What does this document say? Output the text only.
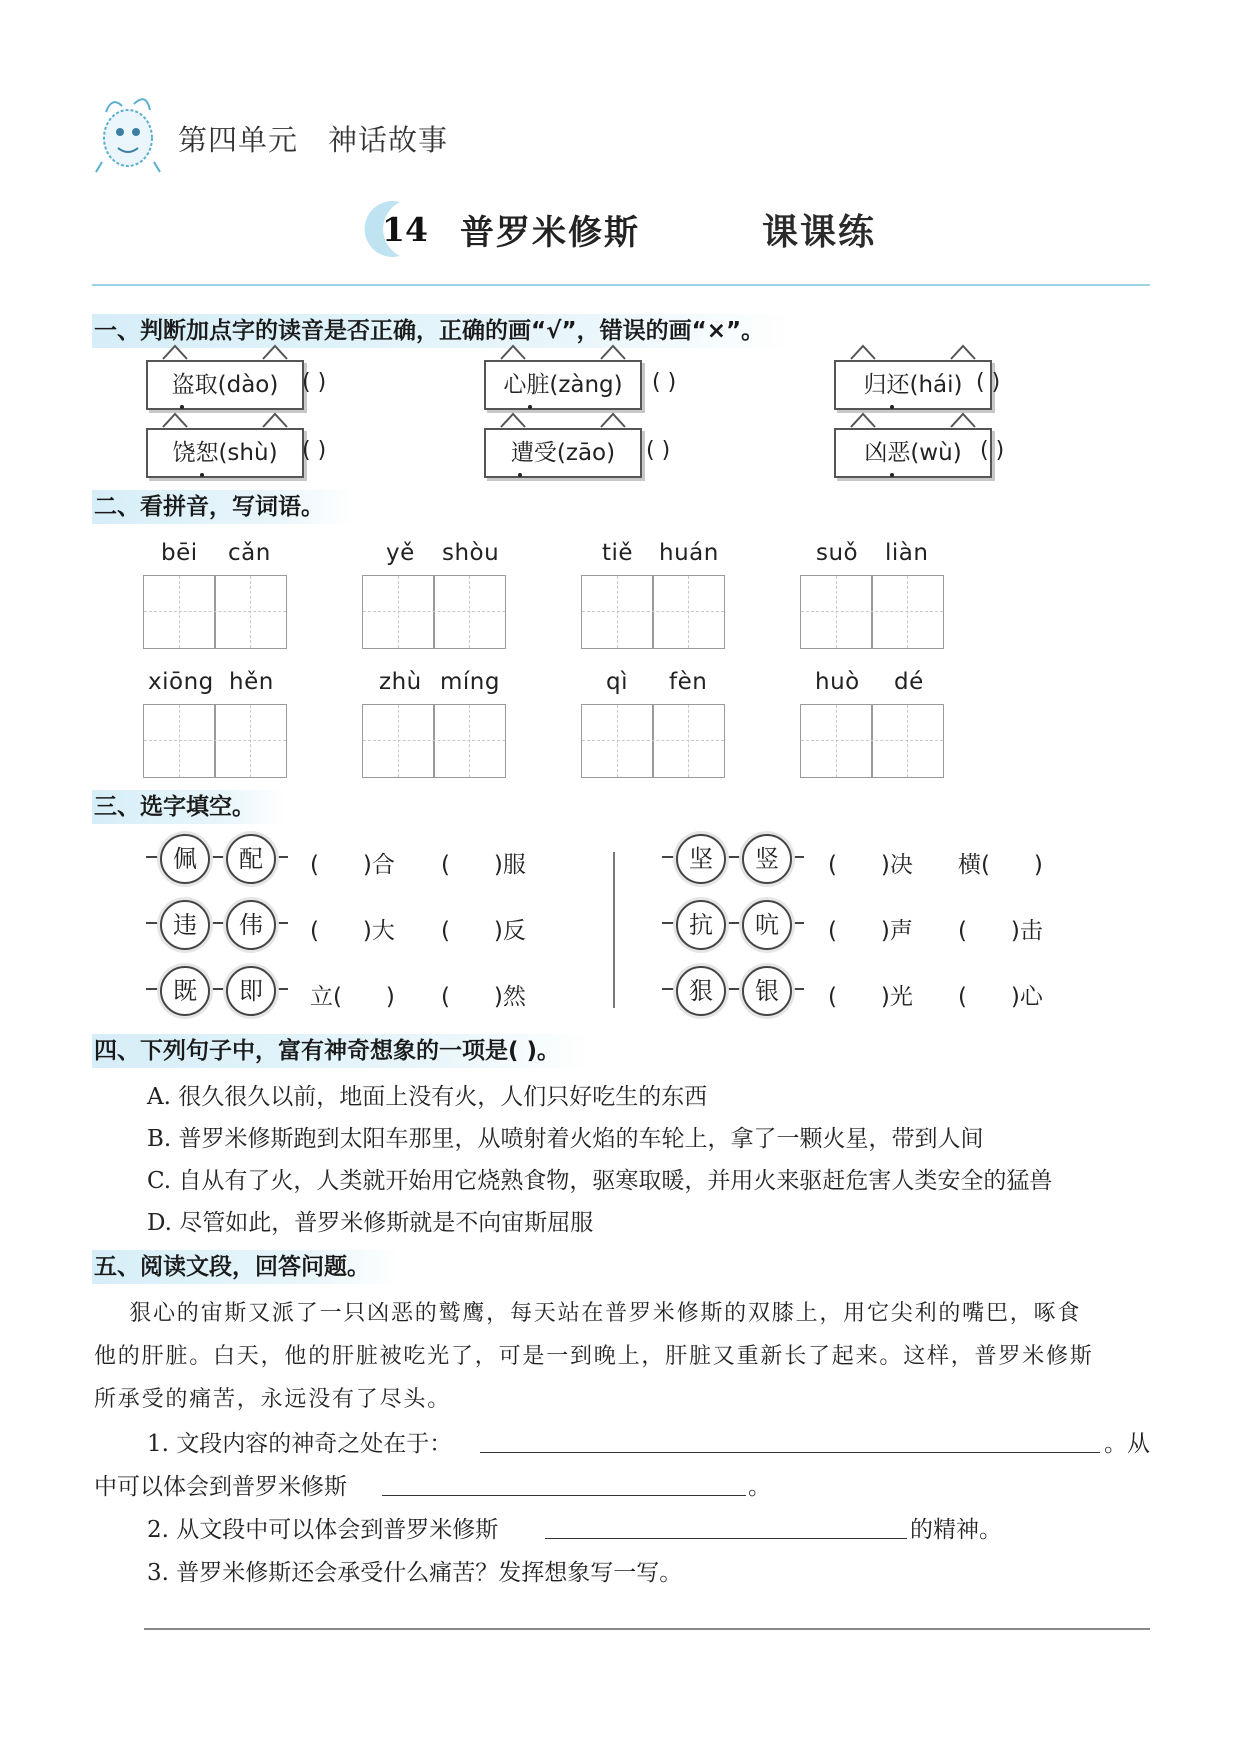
第四单元 神话故事
14 普罗米修斯	课课练
一、判断加点字的读音是否正确，正确的画“√”，错误的画“×”。
盗取(dào)	( )	心脏(zàng)	( )	归还(hái) ( )
饶恕(shù)	( )	遭受(zāo)	( )	凶恶(wù) ( )
二、看拼音，写词语。
bēi cǎn	yě shòu	tiě huán	suǒ liàn
xiōng hěn	zhù míng	qì fèn	huò dé
三、选字填空。
佩	配	(      )合 (      )服	坚	竖	(      )决 横(      )
违	伟	(      )大 (      )反	抗	吭	(      )声 (      )击
既	即	立(      ) (      )然	狠	银	(      )光 (      )心
四、下列句子中，富有神奇想象的一项是( )。
A. 很久很久以前，地面上没有火，人们只好吃生的东西
B. 普罗米修斯跑到太阳车那里，从喷射着火焰的车轮上，拿了一颗火星，带到人间
C. 自从有了火，人类就开始用它烧熟食物，驱寒取暖，并用火来驱赶危害人类安全的猛兽
D. 尽管如此，普罗米修斯就是不向宙斯屈服
五、阅读文段，回答问题。
狠心的宙斯又派了一只凶恶的鹫鹰，每天站在普罗米修斯的双膝上，用它尖利的嘴巴，啄食
他的肝脏。白天，他的肝脏被吃光了，可是一到晚上，肝脏又重新长了起来。这样，普罗米修斯
所承受的痛苦，永远没有了尽头。
1. 文段内容的神奇之处在于：	。从
中可以体会到普罗米修斯	。
2. 从文段中可以体会到普罗米修斯	的精神。
3. 普罗米修斯还会承受什么痛苦？发挥想象写一写。
